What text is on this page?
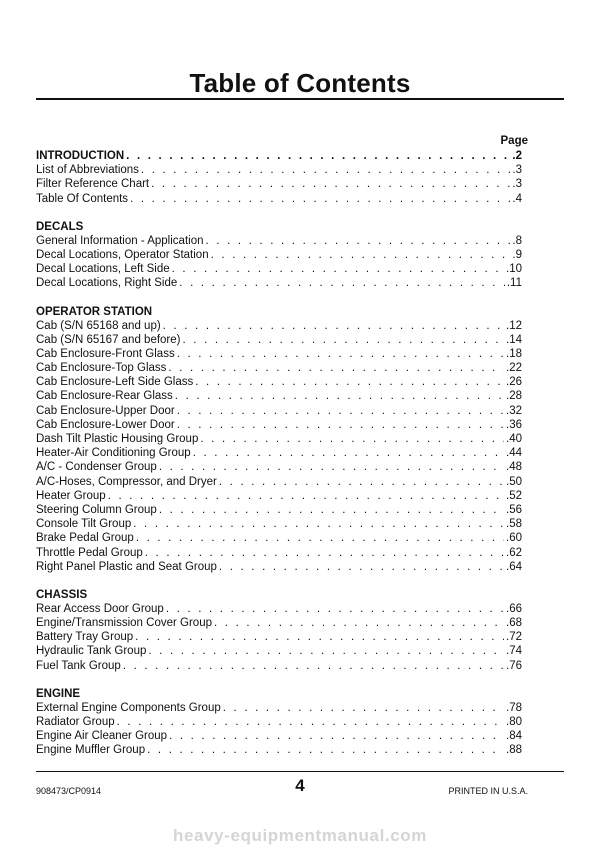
Table of Contents
Page
INTRODUCTION . . .	.2
List of Abbreviations . . .	.3
Filter Reference Chart . . .	.3
Table Of Contents . . .	.4
DECALS
General Information - Application . . .	.8
Decal Locations, Operator Station . . .	.9
Decal Locations, Left Side . . .	.10
Decal Locations, Right Side . . .	.11
OPERATOR STATION
Cab (S/N 65168 and up) . . .	.12
Cab (S/N 65167 and before) . . .	.14
Cab Enclosure-Front Glass . . .	.18
Cab Enclosure-Top Glass . . .	.22
Cab Enclosure-Left Side Glass . . .	.26
Cab Enclosure-Rear Glass . . .	.28
Cab Enclosure-Upper Door . . .	.32
Cab Enclosure-Lower Door . . .	.36
Dash Tilt Plastic Housing Group . . .	.40
Heater-Air Conditioning Group . . .	.44
A/C - Condenser Group . . .	.48
A/C-Hoses, Compressor, and Dryer . . .	.50
Heater Group . . .	.52
Steering Column Group . . .	.56
Console Tilt Group . . .	.58
Brake Pedal Group . . .	.60
Throttle Pedal Group . . .	.62
Right Panel Plastic and Seat Group . . .	.64
CHASSIS
Rear Access Door Group . . .	.66
Engine/Transmission Cover Group . . .	.68
Battery Tray Group . . .	.72
Hydraulic Tank Group . . .	.74
Fuel Tank Group . . .	.76
ENGINE
External Engine Components Group . . .	.78
Radiator Group . . .	.80
Engine Air Cleaner Group . . .	.84
Engine Muffler Group . . .	.88
908473/CP0914	4	PRINTED IN U.S.A.
heavy-equipmentmanual.com
